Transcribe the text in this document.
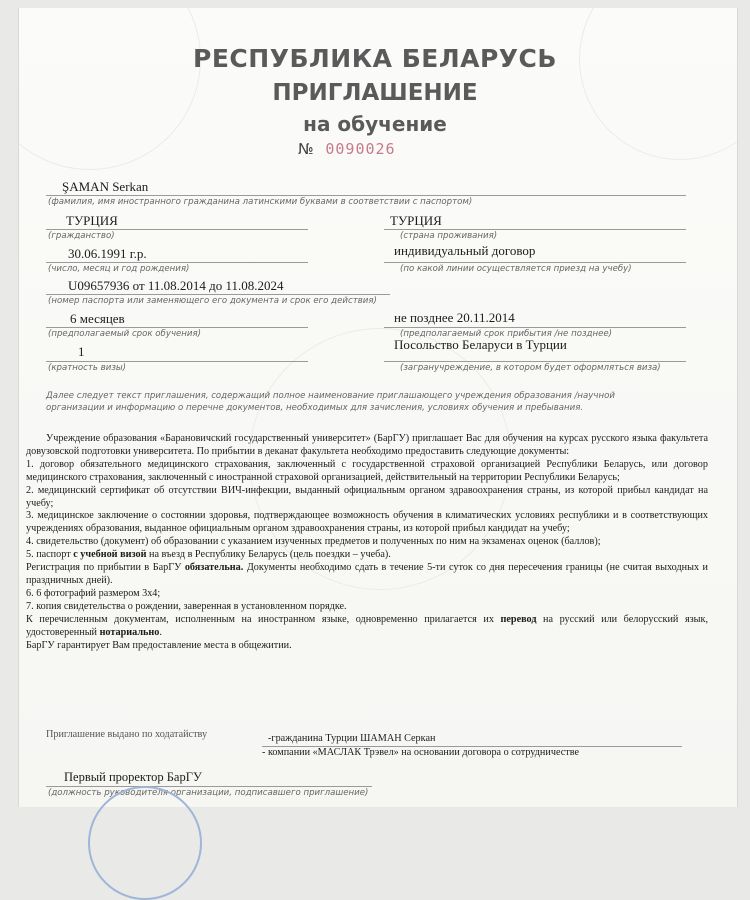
РЕСПУБЛИКА БЕЛАРУСЬ
ПРИГЛАШЕНИЕ
на обучение
№ 0090026
ŞAMAN Serkan
(фамилия, имя иностранного гражданина латинскими буквами в соответствии с паспортом)
ТУРЦИЯ
(гражданство)
ТУРЦИЯ
(страна проживания)
30.06.1991 г.р.
(число, месяц и год рождения)
индивидуальный договор
(по какой линии осуществляется приезд на учебу)
U09657936 от 11.08.2014 до 11.08.2024
(номер паспорта или заменяющего его документа и срок его действия)
6 месяцев
(предполагаемый срок обучения)
не позднее 20.11.2014
(предполагаемый срок прибытия /не позднее)
1
(кратность визы)
Посольство Беларуси в Турции
(загранучреждение, в котором будет оформляться виза)
Далее следует текст приглашения, содержащий полное наименование приглашающего учреждения образования /научной организации и информацию о перечне документов, необходимых для зачисления, условиях обучения и пребывания.

Учреждение образования «Барановичский государственный университет» (БарГУ) приглашает Вас для обучения на курсах русского языка факультета довузовской подготовки университета. По прибытии в деканат факультета необходимо предоставить следующие документы:

1. договор обязательного медицинского страхования, заключенный с государственной страховой организацией Республики Беларусь, или договор медицинского страхования, заключенный с иностранной страховой организацией, действительный на территории Республики Беларусь;

2. медицинский сертификат об отсутствии ВИЧ-инфекции, выданный официальным органом здравоохранения страны, из которой прибыл кандидат на учебу;

3. медицинское заключение о состоянии здоровья, подтверждающее возможность обучения в климатических условиях республики и в соответствующих учреждениях образования, выданное официальным органом здравоохранения страны, из которой прибыл кандидат на учебу;

4. свидетельство (документ) об образовании с указанием изученных предметов и полученных по ним на экзаменах оценок (баллов);

5. паспорт с учебной визой на въезд в Республику Беларусь (цель поездки – учеба).

Регистрация по прибытии в БарГУ обязательна. Документы необходимо сдать в течение 5-ти суток со дня пересечения границы (не считая выходных и праздничных дней).

6. 6 фотографий размером 3х4;

7. копия свидетельства о рождении, заверенная в установленном порядке.

К перечисленным документам, исполненным на иностранном языке, одновременно прилагается их перевод на русский или белорусский язык, удостоверенный нотариально.

БарГУ гарантирует Вам предоставление места в общежитии.

Приглашение выдано по ходатайству	-гражданина Турции ШАМАН Серкан
- компании «МАСЛАК Трэвел» на основании договора о сотрудничестве
Первый проректор БарГУ
(должность руководителя организации, подписавшего приглашение)
